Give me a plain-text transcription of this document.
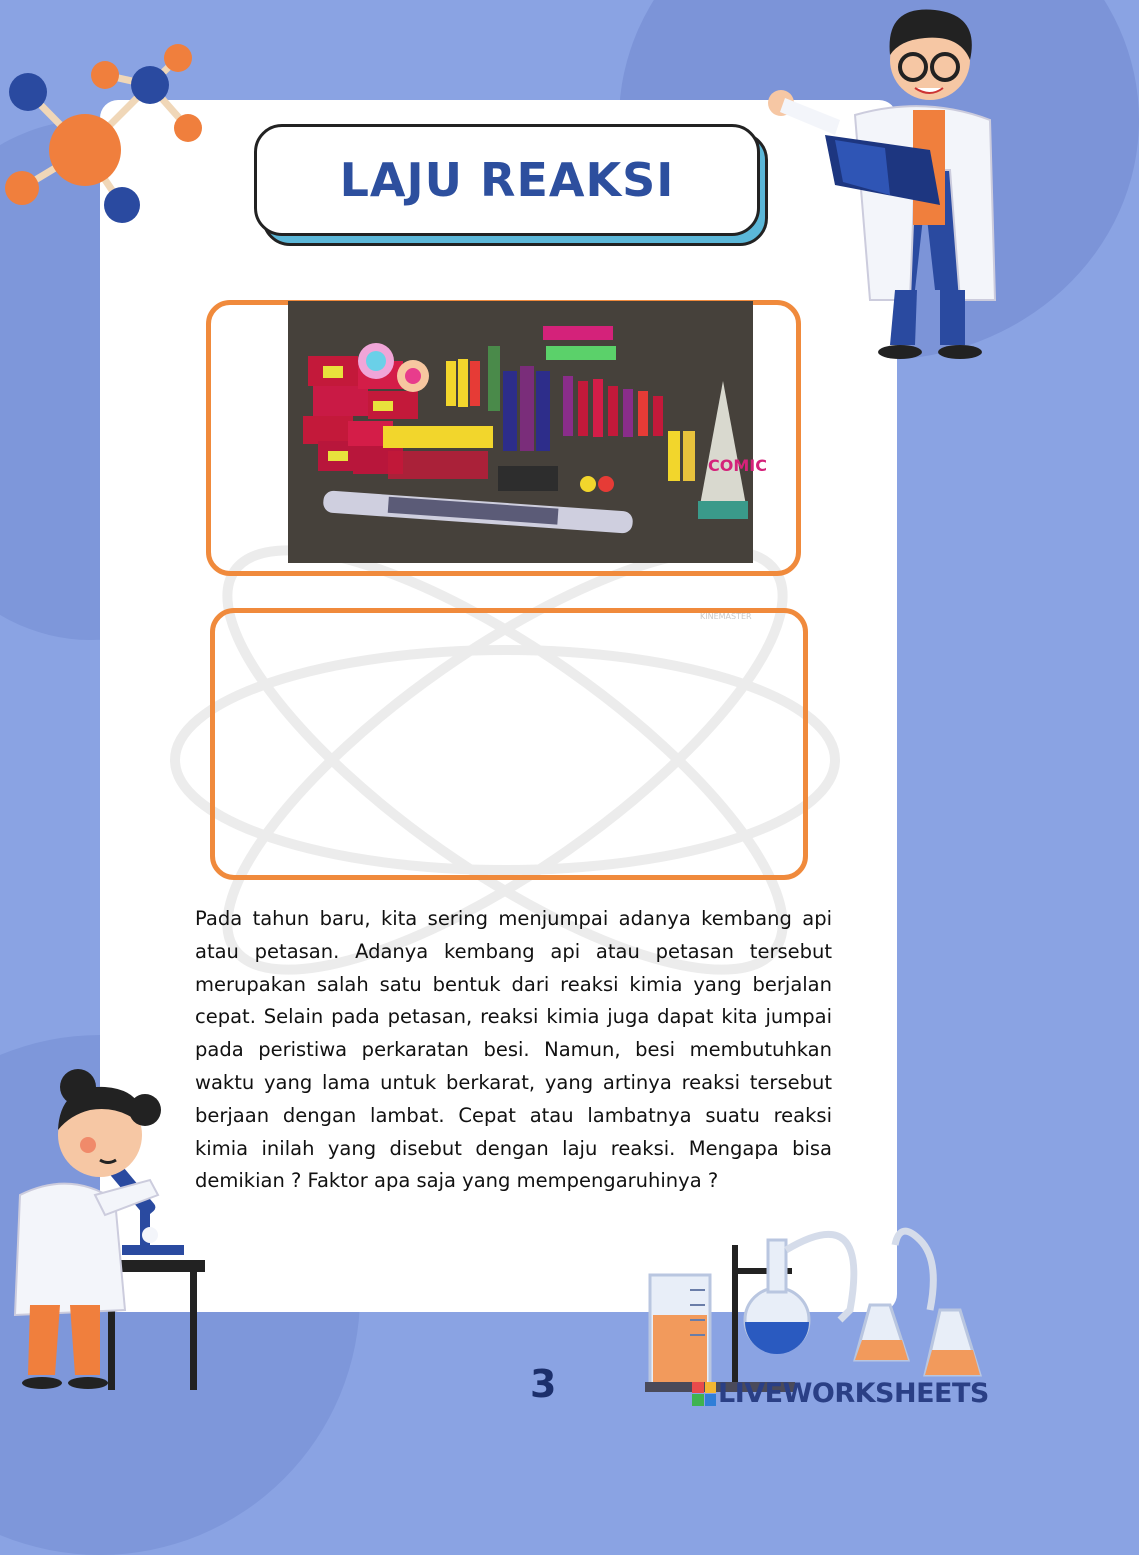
LAJU REAKSI
COMIC
KINEMASTER

Pada tahun baru, kita sering menjumpai adanya kembang api atau petasan. Adanya kembang api atau petasan tersebut merupakan salah satu bentuk dari reaksi kimia yang berjalan cepat. Selain pada petasan, reaksi kimia juga dapat kita jumpai pada peristiwa perkaratan besi. Namun, besi membutuhkan waktu yang lama untuk berkarat, yang artinya reaksi tersebut berjaan dengan lambat. Cepat atau lambatnya suatu reaksi kimia inilah yang disebut dengan laju reaksi. Mengapa bisa demikian ? Faktor apa saja yang mempengaruhinya ?

3	LIVEWORKSHEETS
